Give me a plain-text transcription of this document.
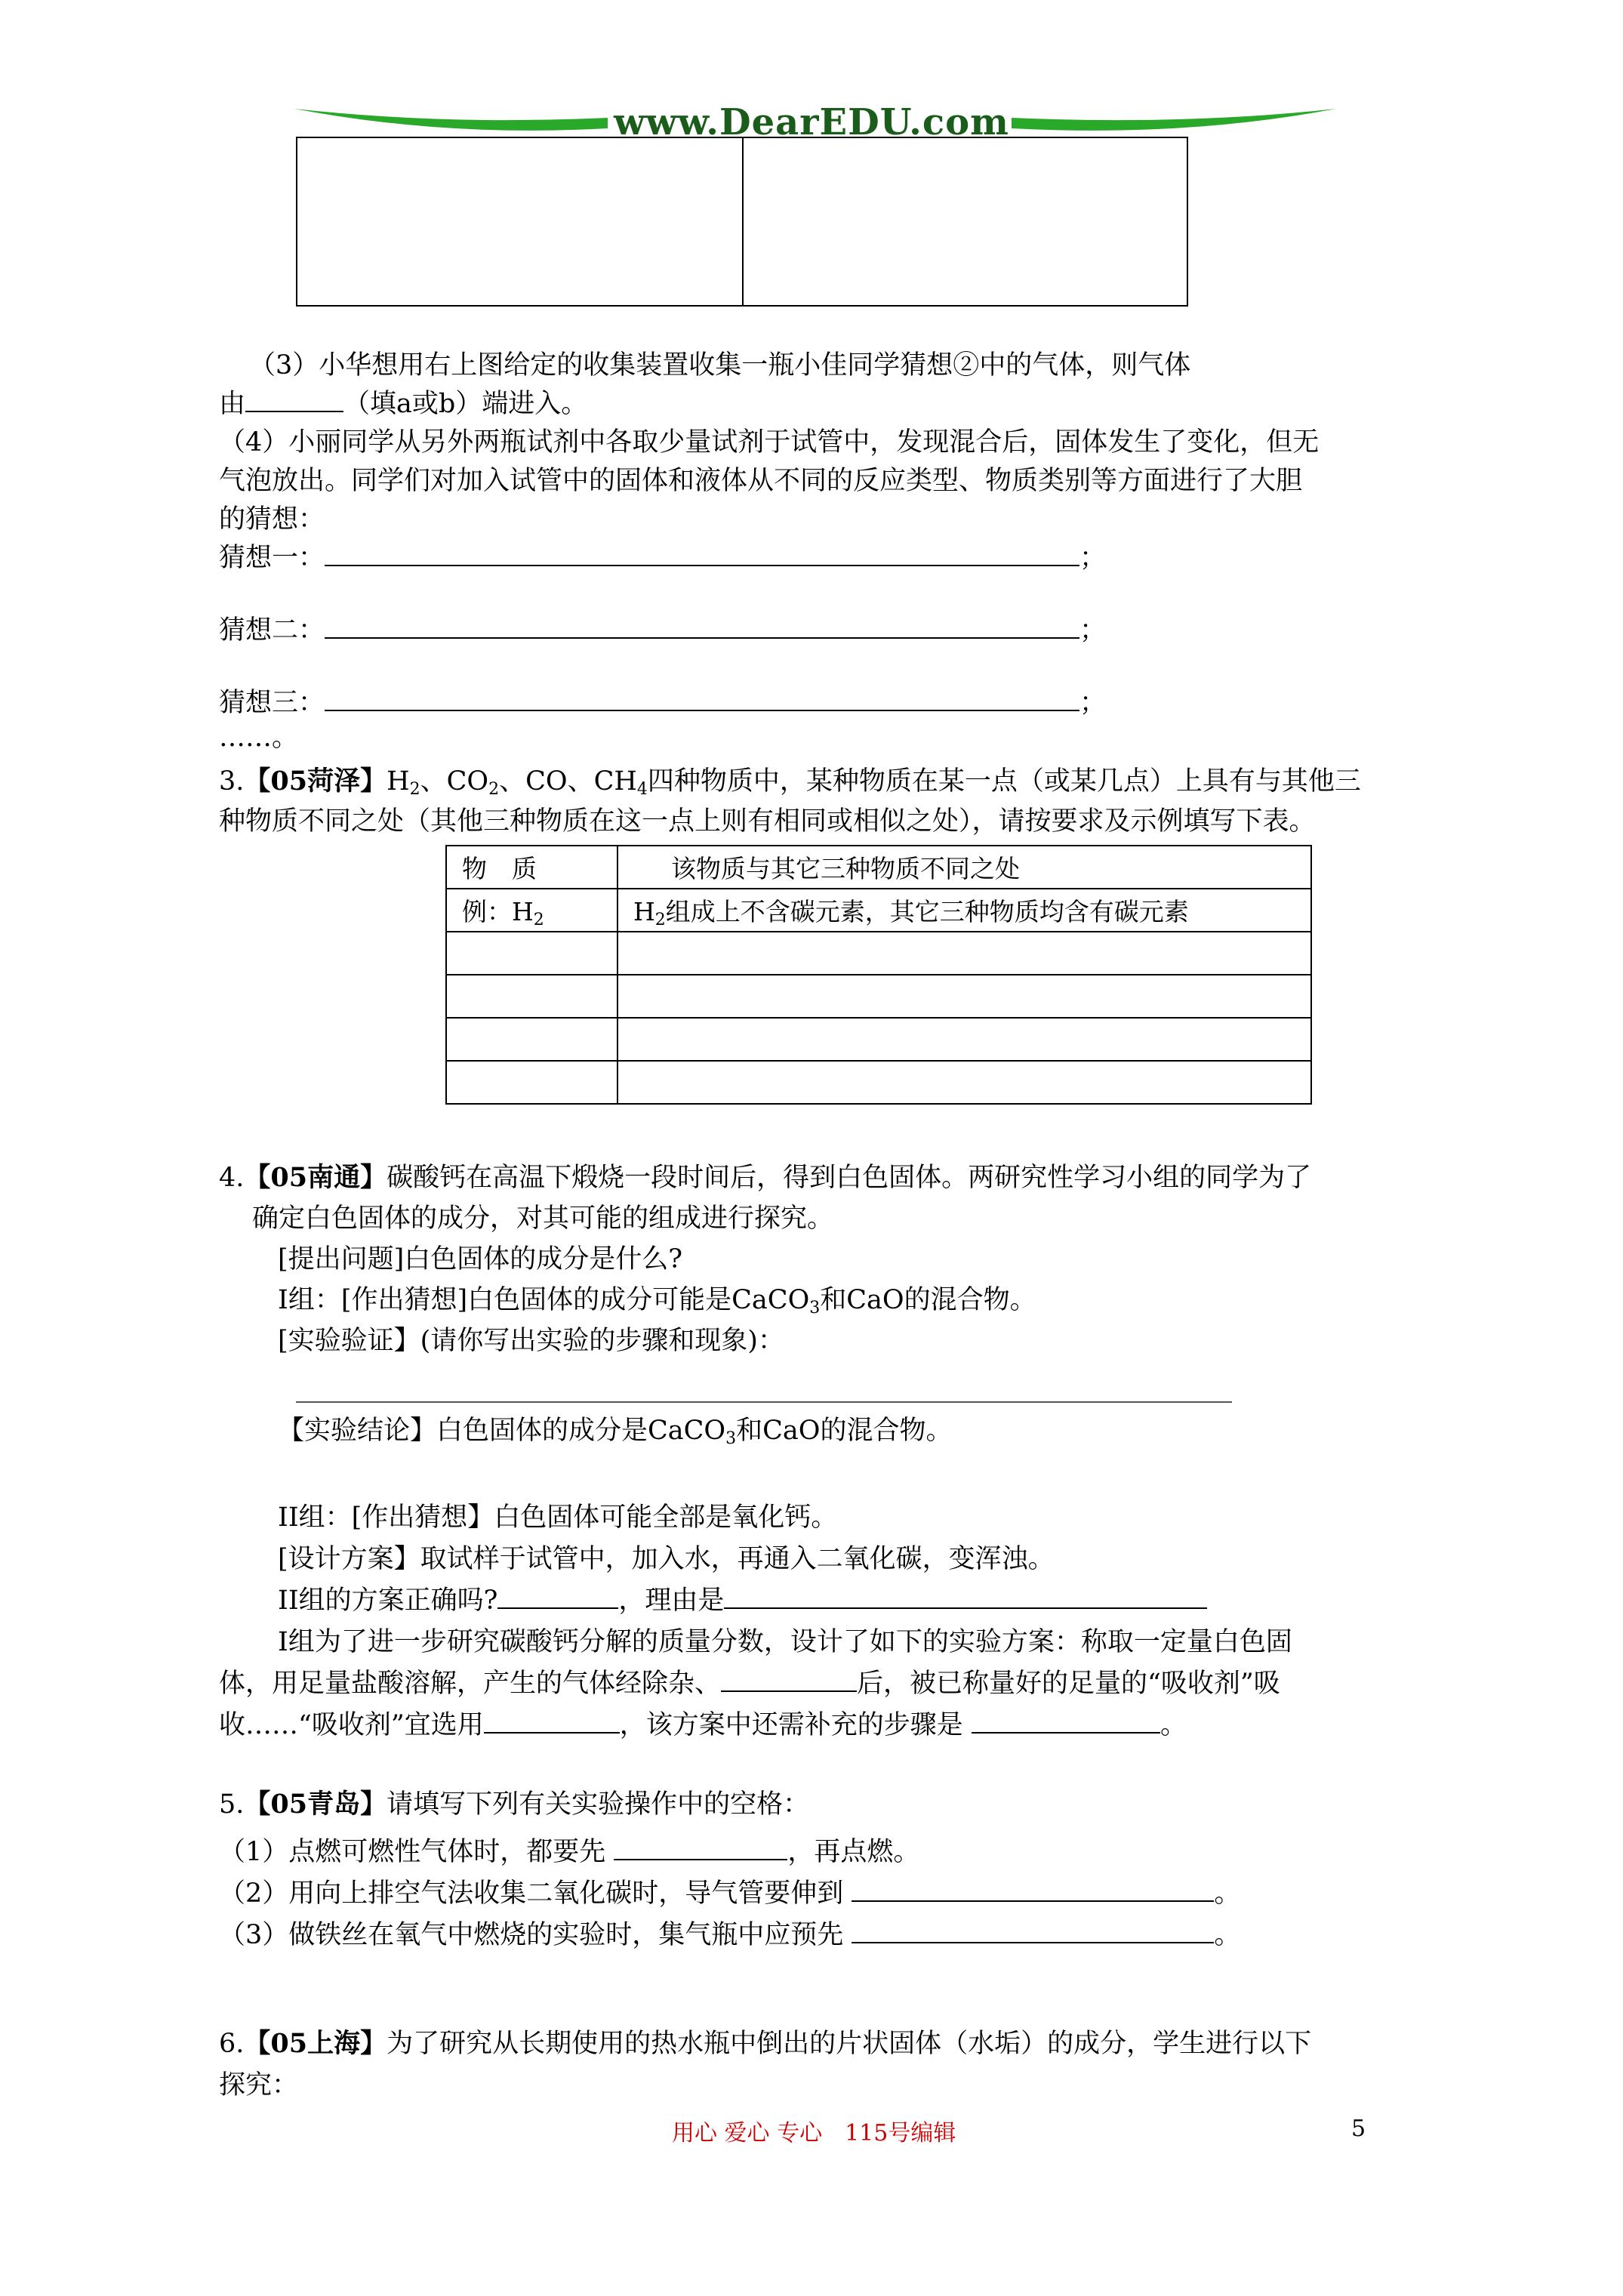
www.DearEDU.com
（3）小华想用右上图给定的收集装置收集一瓶小佳同学猜想②中的气体，则气体
由	（填a或b）端进入。
（4）小丽同学从另外两瓶试剂中各取少量试剂于试管中，发现混合后，固体发生了变化，但无
气泡放出。同学们对加入试管中的固体和液体从不同的反应类型、物质类别等方面进行了大胆
的猜想：
猜想一：	；
猜想二：	；
猜想三：	；
……。
3.【05菏泽】$H_2$、$CO_2$、CO、$CH_4$四种物质中，某种物质在某一点（或某几点）上具有与其他三
种物质不同之处（其他三种物质在这一点上则有相同或相似之处），请按要求及示例填写下表。
物　质	该物质与其它三种物质不同之处
例：$H_2$	$H_2$组成上不含碳元素，其它三种物质均含有碳元素

4.【05南通】碳酸钙在高温下煅烧一段时间后，得到白色固体。两研究性学习小组的同学为了
确定白色固体的成分，对其可能的组成进行探究。
[提出问题]白色固体的成分是什么?
I组：[作出猜想]白色固体的成分可能是CaCO$_3$和CaO的混合物。
[实验验证】(请你写出实验的步骤和现象)：
【实验结论】白色固体的成分是CaCO$_3$和CaO的混合物。
II组：[作出猜想】白色固体可能全部是氧化钙。
[设计方案】取试样于试管中，加入水，再通入二氧化碳，变浑浊。
II组的方案正确吗?	，理由是
I组为了进一步研究碳酸钙分解的质量分数，设计了如下的实验方案：称取一定量白色固
体，用足量盐酸溶解，产生的气体经除杂、	后，被已称量好的足量的“吸收剂”吸
收……“吸收剂”宜选用	，该方案中还需补充的步骤是	。
5.【05青岛】请填写下列有关实验操作中的空格：
（1）点燃可燃性气体时，都要先	，再点燃。
（2）用向上排空气法收集二氧化碳时，导气管要伸到	。
（3）做铁丝在氧气中燃烧的实验时，集气瓶中应预先	。
6.【05上海】为了研究从长期使用的热水瓶中倒出的片状固体（水垢）的成分，学生进行以下
探究：
用心 爱心 专心　115号编辑	5
